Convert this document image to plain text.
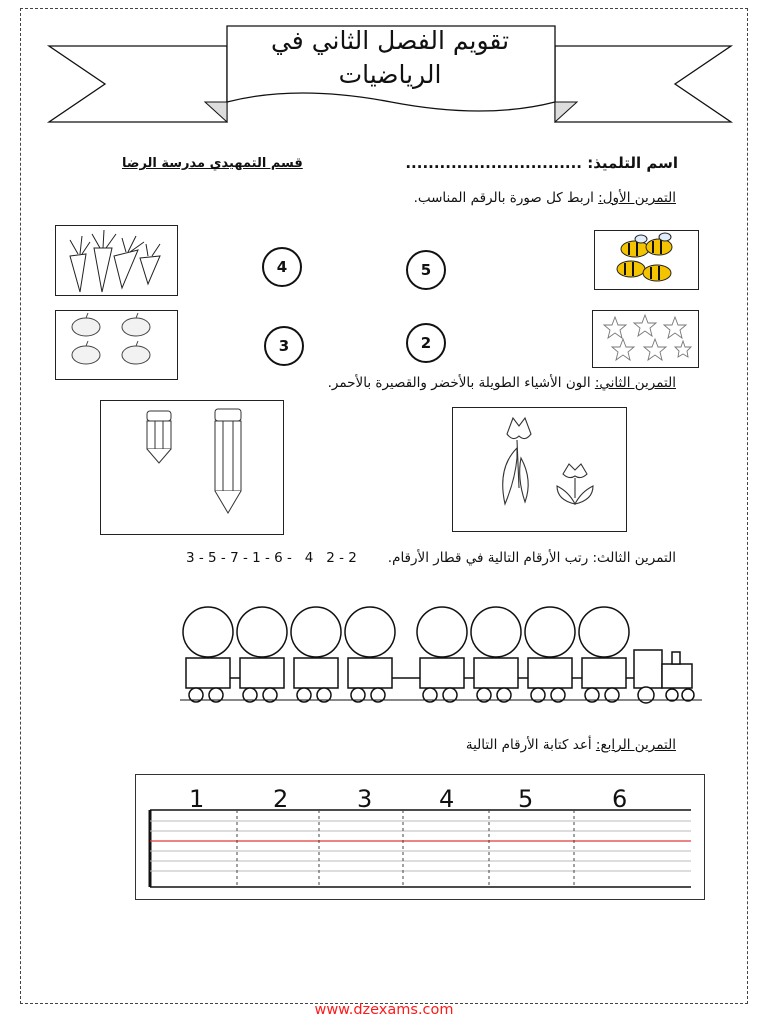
تقويم الفصل الثاني في
الرياضيات
اسم التلميذ: ...............................
قسم التمهيدي مدرسة الرضا
التمرين الأول: اربط كل صورة بالرقم المناسب.
4	5
3	2
التمرين الثاني: الون الأشياء الطويلة بالأخضر والقصيرة بالأحمر.
التمرين الثالث: رتب الأرقام التالية في قطار الأرقام.
3 - 5 - 7 - 1 - 6 -   4   2 - 2
التمرين الرابع: أعد كتابة الأرقام التالية
1	2	3	4	5	6
www.dzexams.com
